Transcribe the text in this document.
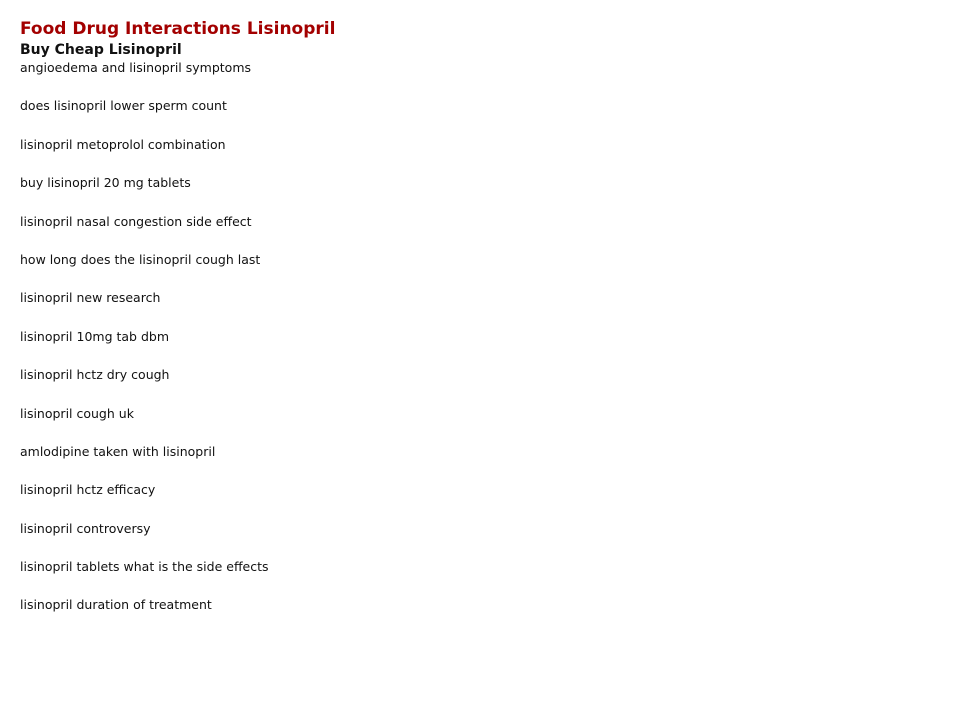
Food Drug Interactions Lisinopril
Buy Cheap Lisinopril
angioedema and lisinopril symptoms
does lisinopril lower sperm count
lisinopril metoprolol combination
buy lisinopril 20 mg tablets
lisinopril nasal congestion side effect
how long does the lisinopril cough last
lisinopril new research
lisinopril 10mg tab dbm
lisinopril hctz dry cough
lisinopril cough uk
amlodipine taken with lisinopril
lisinopril hctz efficacy
lisinopril controversy
lisinopril tablets what is the side effects
lisinopril duration of treatment
